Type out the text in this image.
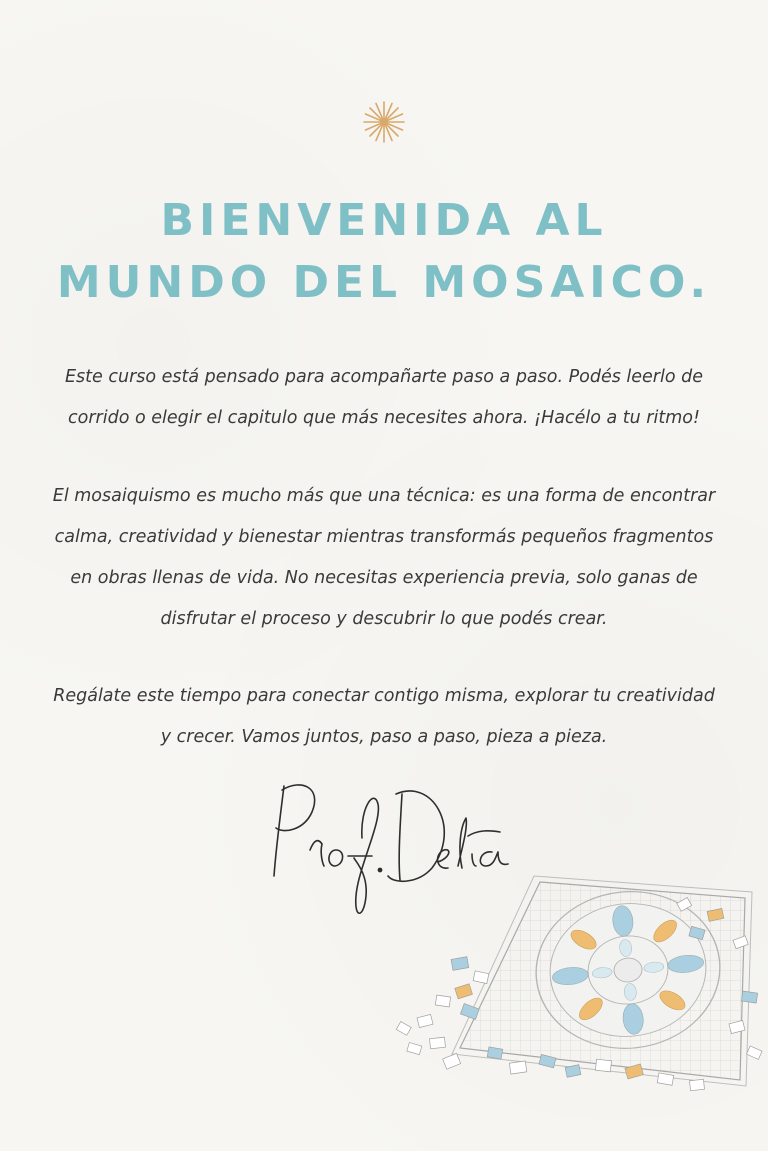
BIENVENIDA AL
MUNDO DEL MOSAICO.
Este curso está pensado para acompañarte paso a paso. Podés leerlo de
corrido o elegir el capitulo que más necesites ahora. ¡Hacélo a tu ritmo!
El mosaiquismo es mucho más que una técnica: es una forma de encontrar
calma, creatividad y bienestar mientras transformás pequeños fragmentos
en obras llenas de vida. No necesitas experiencia previa, solo ganas de
disfrutar el proceso y descubrir lo que podés crear.
Regálate este tiempo para conectar contigo misma, explorar tu creatividad
y crecer. Vamos juntos, paso a paso, pieza a pieza.
